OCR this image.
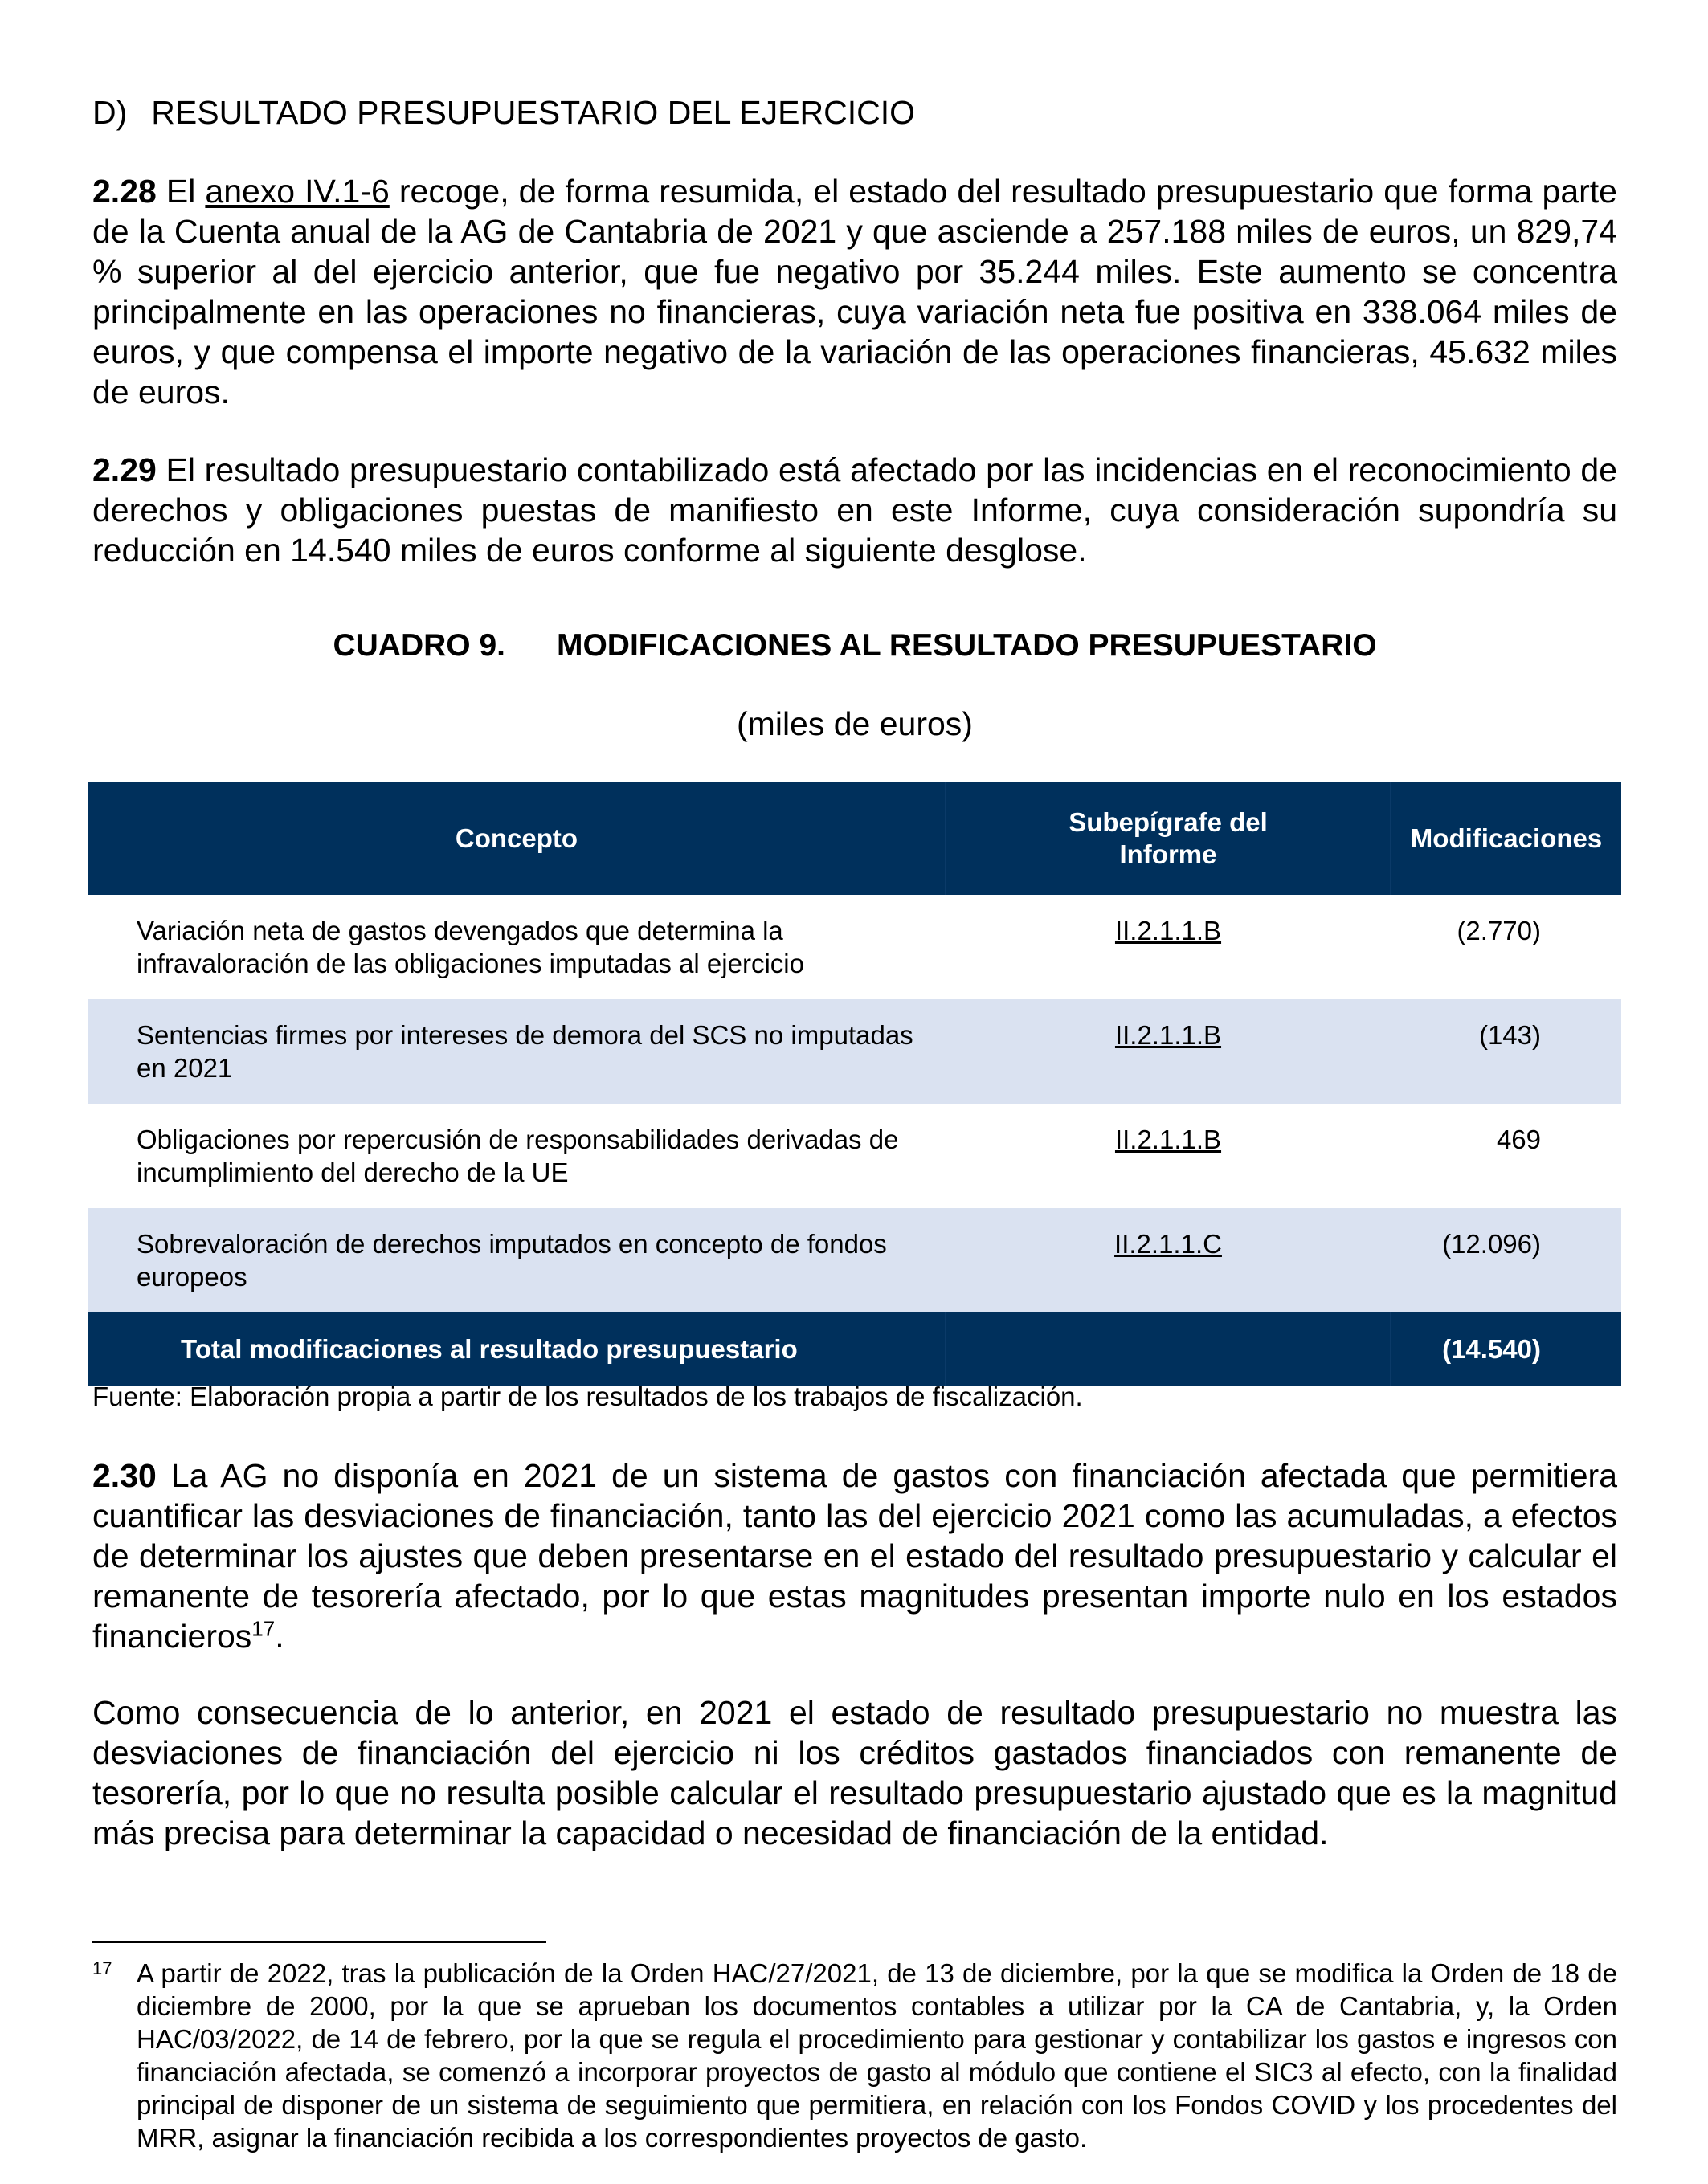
D) RESULTADO PRESUPUESTARIO DEL EJERCICIO
2.28 El anexo IV.1-6 recoge, de forma resumida, el estado del resultado presupuestario que forma parte de la Cuenta anual de la AG de Cantabria de 2021 y que asciende a 257.188 miles de euros, un 829,74 % superior al del ejercicio anterior, que fue negativo por 35.244 miles. Este aumento se concentra principalmente en las operaciones no financieras, cuya variación neta fue positiva en 338.064 miles de euros, y que compensa el importe negativo de la variación de las operaciones financieras, 45.632 miles de euros.
2.29 El resultado presupuestario contabilizado está afectado por las incidencias en el reconocimiento de derechos y obligaciones puestas de manifiesto en este Informe, cuya consideración supondría su reducción en 14.540 miles de euros conforme al siguiente desglose.
CUADRO 9. MODIFICACIONES AL RESULTADO PRESUPUESTARIO
(miles de euros)
Concepto	Subepígrafe del Informe	Modificaciones
Variación neta de gastos devengados que determina la infravaloración de las obligaciones imputadas al ejercicio	II.2.1.1.B	(2.770)
Sentencias firmes por intereses de demora del SCS no imputadas en 2021	II.2.1.1.B	(143)
Obligaciones por repercusión de responsabilidades derivadas de incumplimiento del derecho de la UE	II.2.1.1.B	469
Sobrevaloración de derechos imputados en concepto de fondos europeos	II.2.1.1.C	(12.096)
Total modificaciones al resultado presupuestario		(14.540)
Fuente: Elaboración propia a partir de los resultados de los trabajos de fiscalización.
2.30 La AG no disponía en 2021 de un sistema de gastos con financiación afectada que permitiera cuantificar las desviaciones de financiación, tanto las del ejercicio 2021 como las acumuladas, a efectos de determinar los ajustes que deben presentarse en el estado del resultado presupuestario y calcular el remanente de tesorería afectado, por lo que estas magnitudes presentan importe nulo en los estados financieros$^{17}$.
Como consecuencia de lo anterior, en 2021 el estado de resultado presupuestario no muestra las desviaciones de financiación del ejercicio ni los créditos gastados financiados con remanente de tesorería, por lo que no resulta posible calcular el resultado presupuestario ajustado que es la magnitud más precisa para determinar la capacidad o necesidad de financiación de la entidad.
17 A partir de 2022, tras la publicación de la Orden HAC/27/2021, de 13 de diciembre, por la que se modifica la Orden de 18 de diciembre de 2000, por la que se aprueban los documentos contables a utilizar por la CA de Cantabria, y, la Orden HAC/03/2022, de 14 de febrero, por la que se regula el procedimiento para gestionar y contabilizar los gastos e ingresos con financiación afectada, se comenzó a incorporar proyectos de gasto al módulo que contiene el SIC3 al efecto, con la finalidad principal de disponer de un sistema de seguimiento que permitiera, en relación con los Fondos COVID y los procedentes del MRR, asignar la financiación recibida a los correspondientes proyectos de gasto.
